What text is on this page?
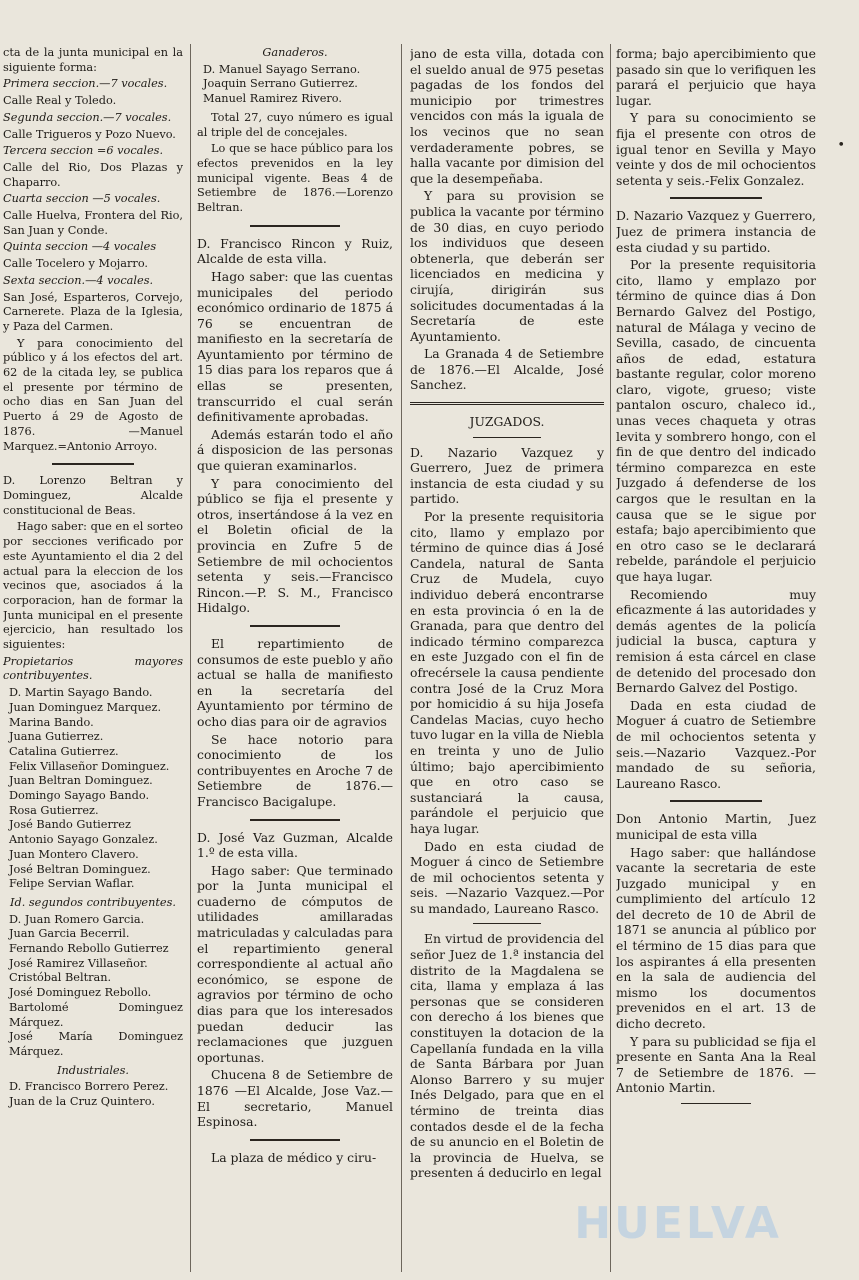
cta de la junta municipal en la siguiente forma:

Primera seccion.—7 vocales.

Calle Real y Toledo.

Segunda seccion.—7 vocales.

Calle Trigueros y Pozo Nuevo.

Tercera seccion =6 vocales.

Calle del Rio, Dos Plazas y Chaparro.

Cuarta seccion —5 vocales.

Calle Huelva, Frontera del Rio, San Juan y Conde.

Quinta seccion —4 vocales

Calle Tocelero y Mojarro.

Sexta seccion.—4 vocales.

San José, Esparteros, Corvejo, Carnerete. Plaza de la Iglesia, y Paza del Carmen.

Y para conocimiento del público y á los efectos del art. 62 de la citada ley, se publica el presente por término de ocho dias en San Juan del Puerto á 29 de Agosto de 1876. —Manuel Marquez.=Antonio Arroyo.

D. Lorenzo Beltran y Dominguez, Alcalde constitucional de Beas.

Hago saber: que en el sorteo por secciones verificado por este Ayuntamiento el dia 2 del actual para la eleccion de los vecinos que, asociados á la corporacion, han de formar la Junta municipal en el presente ejercicio, han resultado los siguientes:

Propietarios mayores contribuyentes.

D. Martin Sayago Bando.
Juan Dominguez Marquez.
Marina Bando.
Juana Gutierrez.
Catalina Gutierrez.
Felix Villaseñor Dominguez.
Juan Beltran Dominguez.
Domingo Sayago Bando.
Rosa Gutierrez.
José Bando Gutierrez
Antonio Sayago Gonzalez.
Juan Montero Clavero.
José Beltran Dominguez.
Felipe Servian Waflar.

Id. segundos contribuyentes.

D. Juan Romero Garcia.
Juan Garcia Becerril.
Fernando Rebollo Gutierrez
José Ramirez Villaseñor.
Cristóbal Beltran.
José Dominguez Rebollo.
Bartolomé Dominguez Márquez.
José María Dominguez Márquez.

Industriales.

D. Francisco Borrero Perez.
Juan de la Cruz Quintero.

Ganaderos.

D. Manuel Sayago Serrano.
Joaquin Serrano Gutierrez.
Manuel Ramirez Rivero.

Total 27, cuyo número es igual al triple del de concejales.

Lo que se hace público para los efectos prevenidos en la ley municipal vigente. Beas 4 de Setiembre de 1876.—Lorenzo Beltran.

D. Francisco Rincon y Ruiz, Alcalde de esta villa.

Hago saber: que las cuentas municipales del periodo económico ordinario de 1875 á 76 se encuentran de manifiesto en la secretaría de Ayuntamiento por término de 15 dias para los reparos que á ellas se presenten, transcurrido el cual serán definitivamente aprobadas.

Además estarán todo el año á disposicion de las personas que quieran examinarlos.

Y para conocimiento del público se fija el presente y otros, insertándose á la vez en el Boletin oficial de la provincia en Zufre 5 de Setiembre de mil ochocientos setenta y seis.—Francisco Rincon.—P. S. M., Francisco Hidalgo.

El repartimiento de consumos de este pueblo y año actual se halla de manifiesto en la secretaría del Ayuntamiento por término de ocho dias para oir de agravios

Se hace notorio para conocimiento de los contribuyentes en Aroche 7 de Setiembre de 1876.—Francisco Bacigalupe.

D. José Vaz Guzman, Alcalde 1.º de esta villa.

Hago saber: Que terminado por la Junta municipal el cuaderno de cómputos de utilidades amillaradas matriculadas y calculadas para el repartimiento general correspondiente al actual año económico, se espone de agravios por término de ocho dias para que los interesados puedan deducir las reclamaciones que juzguen oportunas.

Chucena 8 de Setiembre de 1876 —El Alcalde, Jose Vaz.—El secretario, Manuel Espinosa.

La plaza de médico y ciru-

jano de esta villa, dotada con el sueldo anual de 975 pesetas pagadas de los fondos del municipio por trimestres vencidos con más la iguala de los vecinos que no sean verdaderamente pobres, se halla vacante por dimision del que la desempeñaba.

Y para su provision se publica la vacante por término de 30 dias, en cuyo periodo los individuos que deseen obtenerla, que deberán ser licenciados en medicina y cirujía, dirigirán sus solicitudes documentadas á la Secretaría de este Ayuntamiento.

La Granada 4 de Setiembre de 1876.—El Alcalde, José Sanchez.

JUZGADOS.

D. Nazario Vazquez y Guerrero, Juez de primera instancia de esta ciudad y su partido.

Por la presente requisitoria cito, llamo y emplazo por término de quince dias á José Candela, natural de Santa Cruz de Mudela, cuyo individuo deberá encontrarse en esta provincia ó en la de Granada, para que dentro del indicado término comparezca en este Juzgado con el fin de ofrecérsele la causa pendiente contra José de la Cruz Mora por homicidio á su hija Josefa Candelas Macias, cuyo hecho tuvo lugar en la villa de Niebla en treinta y uno de Julio último; bajo apercibimiento que en otro caso se sustanciará la causa, parándole el perjuicio que haya lugar.

Dado en esta ciudad de Moguer á cinco de Setiembre de mil ochocientos setenta y seis. —Nazario Vazquez.—Por su mandado, Laureano Rasco.

En virtud de providencia del señor Juez de 1.ª instancia del distrito de la Magdalena se cita, llama y emplaza á las personas que se consideren con derecho á los bienes que constituyen la dotacion de la Capellanía fundada en la villa de Santa Bárbara por Juan Alonso Barrero y su mujer Inés Delgado, para que en el término de treinta dias contados desde el de la fecha de su anuncio en el Boletin de la provincia de Huelva, se presenten á deducirlo en legal

forma; bajo apercibimiento que pasado sin que lo verifiquen les parará el perjuicio que haya lugar.

Y para su conocimiento se fija el presente con otros de igual tenor en Sevilla y Mayo veinte y dos de mil ochocientos setenta y seis.-Felix Gonzalez.

D. Nazario Vazquez y Guerrero, Juez de primera instancia de esta ciudad y su partido.

Por la presente requisitoria cito, llamo y emplazo por término de quince dias á Don Bernardo Galvez del Postigo, natural de Málaga y vecino de Sevilla, casado, de cincuenta años de edad, estatura bastante regular, color moreno claro, vigote, grueso; viste pantalon oscuro, chaleco id., unas veces chaqueta y otras levita y sombrero hongo, con el fin de que dentro del indicado término comparezca en este Juzgado á defenderse de los cargos que le resultan en la causa que se le sigue por estafa; bajo apercibimiento que en otro caso se le declarará rebelde, parándole el perjuicio que haya lugar.

Recomiendo muy eficazmente á las autoridades y demás agentes de la policía judicial la busca, captura y remision á esta cárcel en clase de detenido del procesado don Bernardo Galvez del Postigo.

Dada en esta ciudad de Moguer á cuatro de Setiembre de mil ochocientos setenta y seis.—Nazario Vazquez.-Por mandado de su señoria, Laureano Rasco.

Don Antonio Martin, Juez municipal de esta villa

Hago saber: que hallándose vacante la secretaria de este Juzgado municipal y en cumplimiento del artículo 12 del decreto de 10 de Abril de 1871 se anuncia al público por el término de 15 dias para que los aspirantes á ella presenten en la sala de audiencia del mismo los documentos prevenidos en el art. 13 de dicho decreto.

Y para su publicidad se fija el presente en Santa Ana la Real 7 de Setiembre de 1876. —Antonio Martin.

•
HUELVA
